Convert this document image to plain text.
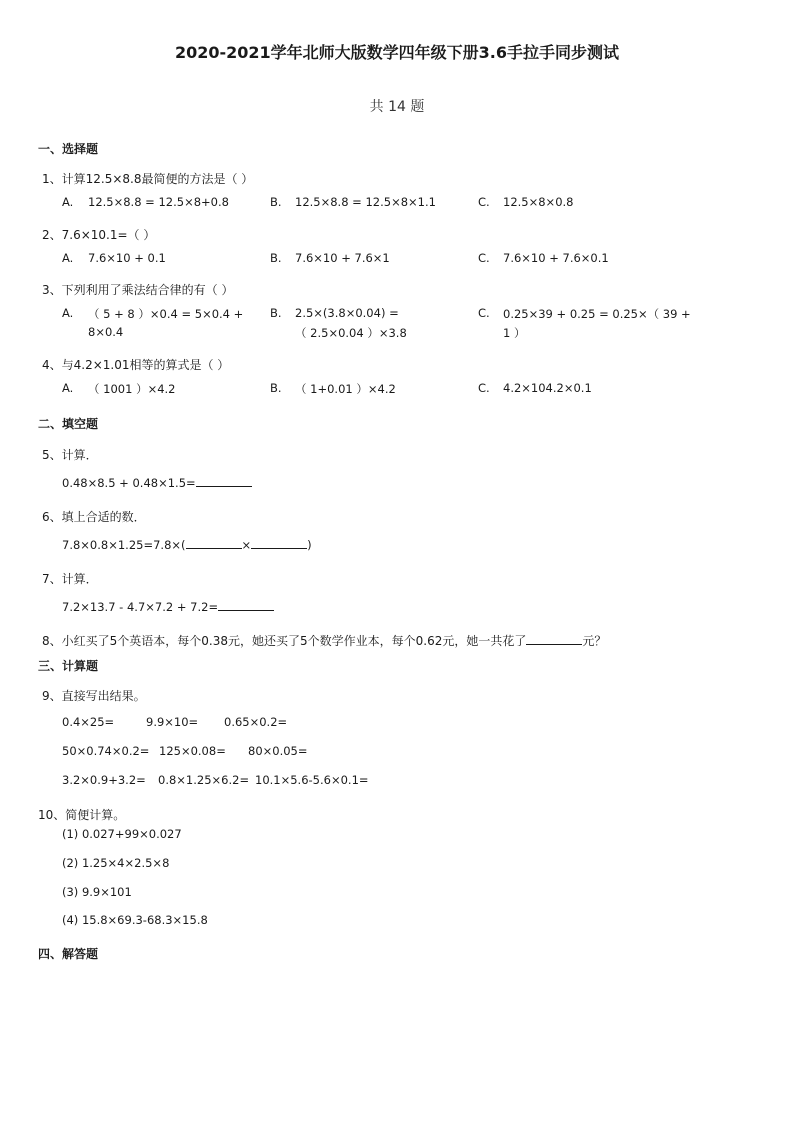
2020-2021学年北师大版数学四年级下册3.6手拉手同步测试
共 14 题
一、选择题
1、计算12.5×8.8最简便的方法是（ ）
A. 12.5×8.8 = 12.5×8+0.8	B. 12.5×8.8 = 12.5×8×1.1	C. 12.5×8×0.8
2、7.6×10.1=（ ）
A. 7.6×10 + 0.1	B. 7.6×10 + 7.6×1	C. 7.6×10 + 7.6×0.1
3、下列利用了乘法结合律的有（ ）
A. （ 5 + 8 ）×0.4 = 5×0.4 +
8×0.4
B. 2.5×(3.8×0.04) =
（ 2.5×0.04 ）×3.8
C. 0.25×39 + 0.25 = 0.25×（ 39 +
1 ）
4、与4.2×1.01相等的算式是（ ）
A. （ 1001 ）×4.2	B. （ 1+0.01 ）×4.2	C. 4.2×104.2×0.1
二、填空题
5、计算．
0.48×8.5 + 0.48×1.5=
6、填上合适的数．
7.8×0.8×1.25=7.8×(	×	)
7、计算．
7.2×13.7 - 4.7×7.2 + 7.2=
8、小红买了5个英语本，每个0.38元，她还买了5个数学作业本，每个0.62元，她一共花了	元？
三、计算题
9、直接写出结果。
0.4×25=	9.9×10= 0.65×0.2=
50×0.74×0.2= 125×0.08= 80×0.05=
3.2×0.9+3.2= 0.8×1.25×6.2= 10.1×5.6-5.6×0.1=
10、简便计算。
(1) 0.027+99×0.027
(2) 1.25×4×2.5×8
(3) 9.9×101
(4) 15.8×69.3-68.3×15.8
四、解答题
